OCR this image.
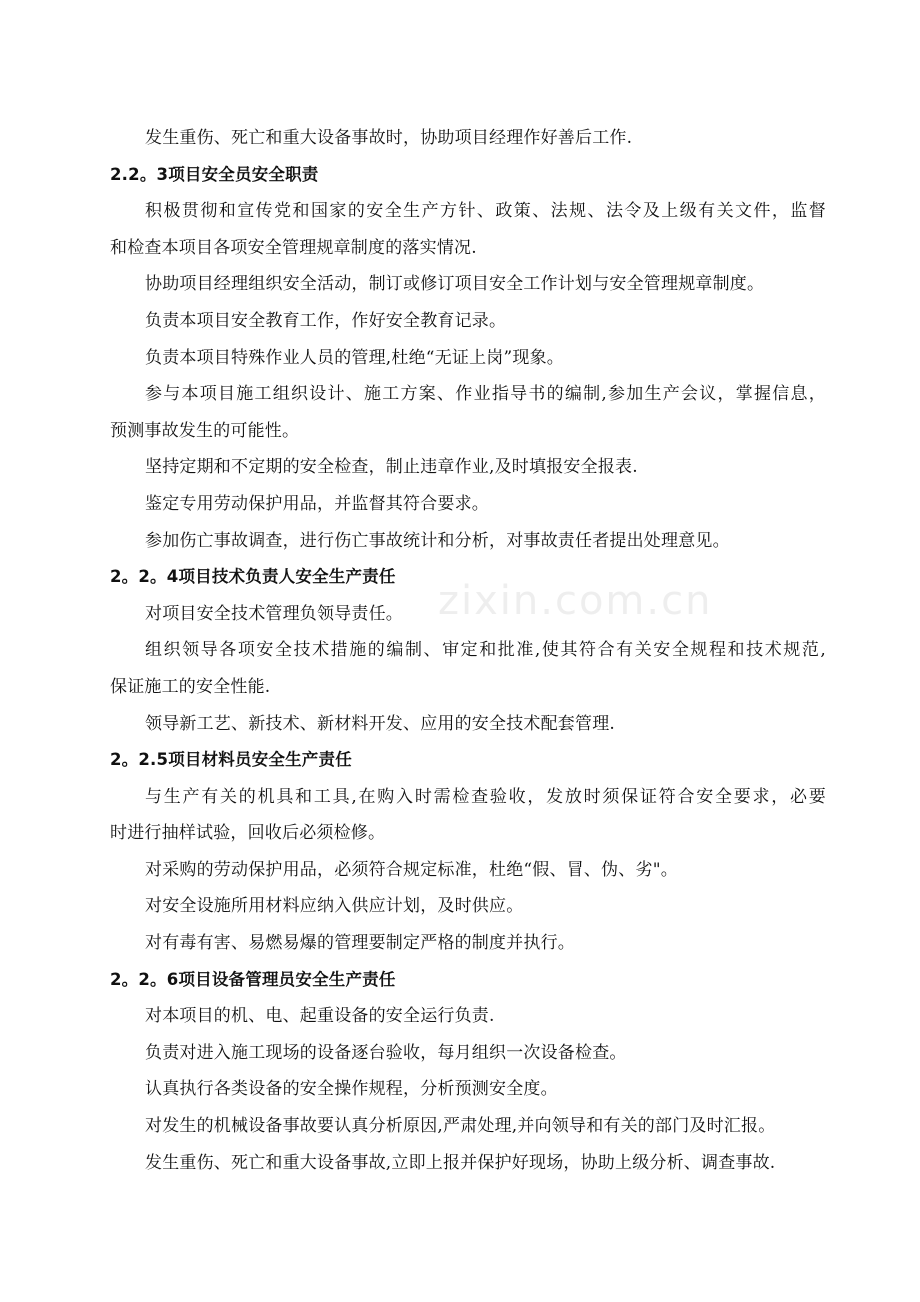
发生重伤、死亡和重大设备事故时，协助项目经理作好善后工作.
2.2。3项目安全员安全职责
积极贯彻和宣传党和国家的安全生产方针、政策、法规、法令及上级有关文件，监督
和检查本项目各项安全管理规章制度的落实情况.
协助项目经理组织安全活动，制订或修订项目安全工作计划与安全管理规章制度。
负责本项目安全教育工作，作好安全教育记录。
负责本项目特殊作业人员的管理,杜绝“无证上岗”现象。
参与本项目施工组织设计、施工方案、作业指导书的编制,参加生产会议，掌握信息，
预测事故发生的可能性。
坚持定期和不定期的安全检查，制止违章作业,及时填报安全报表.
鉴定专用劳动保护用品，并监督其符合要求。
参加伤亡事故调查，进行伤亡事故统计和分析，对事故责任者提出处理意见。
2。2。4项目技术负责人安全生产责任
对项目安全技术管理负领导责任。
组织领导各项安全技术措施的编制、审定和批准,使其符合有关安全规程和技术规范,
保证施工的安全性能.
领导新工艺、新技术、新材料开发、应用的安全技术配套管理.
2。2.5项目材料员安全生产责任
与生产有关的机具和工具,在购入时需检查验收，发放时须保证符合安全要求，必要
时进行抽样试验，回收后必须检修。
对采购的劳动保护用品，必须符合规定标准，杜绝“假、冒、伪、劣"。
对安全设施所用材料应纳入供应计划，及时供应。
对有毒有害、易燃易爆的管理要制定严格的制度并执行。
2。2。6项目设备管理员安全生产责任
对本项目的机、电、起重设备的安全运行负责.
负责对进入施工现场的设备逐台验收，每月组织一次设备检查。
认真执行各类设备的安全操作规程，分析预测安全度。
对发生的机械设备事故要认真分析原因,严肃处理,并向领导和有关的部门及时汇报。
发生重伤、死亡和重大设备事故,立即上报并保护好现场，协助上级分析、调查事故.
zixin.com.cn
